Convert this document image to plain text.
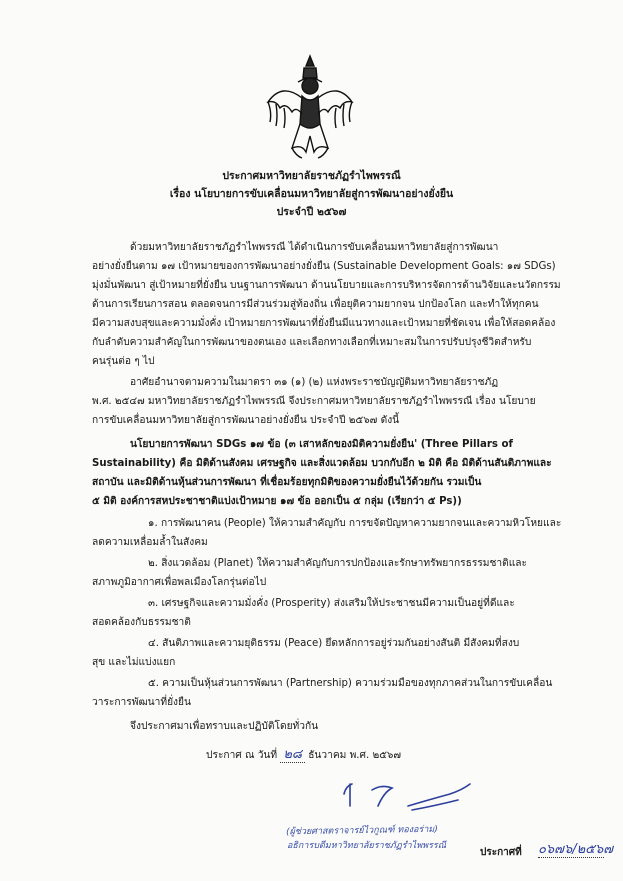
ประกาศมหาวิทยาลัยราชภัฏรำไพพรรณี
เรื่อง นโยบายการขับเคลื่อนมหาวิทยาลัยสู่การพัฒนาอย่างยั่งยืน
ประจำปี ๒๕๖๗
ด้วยมหาวิทยาลัยราชภัฏรำไพพรรณี ได้ดำเนินการขับเคลื่อนมหาวิทยาลัยสู่การพัฒนา
อย่างยั่งยืนตาม ๑๗ เป้าหมายของการพัฒนาอย่างยั่งยืน (Sustainable Development Goals: ๑๗ SDGs)
มุ่งมั่นพัฒนา สู่เป้าหมายที่ยั่งยืน บนฐานการพัฒนา ด้านนโยบายและการบริหารจัดการด้านวิจัยและนวัตกรรม
ด้านการเรียนการสอน ตลอดจนการมีส่วนร่วมสู่ท้องถิ่น เพื่อยุติความยากจน ปกป้องโลก และทำให้ทุกคน
มีความสงบสุขและความมั่งคั่ง เป้าหมายการพัฒนาที่ยั่งยืนมีแนวทางและเป้าหมายที่ชัดเจน เพื่อให้สอดคล้อง
กับลำดับความสำคัญในการพัฒนาของตนเอง และเลือกทางเลือกที่เหมาะสมในการปรับปรุงชีวิตสำหรับ
คนรุ่นต่อ ๆ ไป
อาศัยอำนาจตามความในมาตรา ๓๑ (๑) (๒) แห่งพระราชบัญญัติมหาวิทยาลัยราชภัฏ
พ.ศ. ๒๕๔๗ มหาวิทยาลัยราชภัฏรำไพพรรณี จึงประกาศมหาวิทยาลัยราชภัฏรำไพพรรณี เรื่อง นโยบาย
การขับเคลื่อนมหาวิทยาลัยสู่การพัฒนาอย่างยั่งยืน ประจำปี ๒๕๖๗ ดังนี้
นโยบายการพัฒนา SDGs ๑๗ ข้อ (๓ เสาหลักของมิติความยั่งยืน' (Three Pillars of
Sustainability) คือ มิติด้านสังคม เศรษฐกิจ และสิ่งแวดล้อม บวกกับอีก ๒ มิติ คือ มิติด้านสันติภาพและ
สถาบัน และมิติด้านหุ้นส่วนการพัฒนา ที่เชื่อมร้อยทุกมิติของความยั่งยืนไว้ด้วยกัน รวมเป็น
๕ มิติ องค์การสหประชาชาติแบ่งเป้าหมาย ๑๗ ข้อ ออกเป็น ๕ กลุ่ม (เรียกว่า ๕ Ps))
๑. การพัฒนาคน (People) ให้ความสำคัญกับ การขจัดปัญหาความยากจนและความหิวโหยและ
ลดความเหลื่อมล้ำในสังคม
๒. สิ่งแวดล้อม (Planet) ให้ความสำคัญกับการปกป้องและรักษาทรัพยากรธรรมชาติและ
สภาพภูมิอากาศเพื่อพลเมืองโลกรุ่นต่อไป
๓. เศรษฐกิจและความมั่งคั่ง (Prosperity) ส่งเสริมให้ประชาชนมีความเป็นอยู่ที่ดีและ
สอดคล้องกับธรรมชาติ
๔. สันติภาพและความยุติธรรม (Peace) ยึดหลักการอยู่ร่วมกันอย่างสันติ มีสังคมที่สงบ
สุข และไม่แบ่งแยก
๕. ความเป็นหุ้นส่วนการพัฒนา (Partnership) ความร่วมมือของทุกภาคส่วนในการขับเคลื่อน
วาระการพัฒนาที่ยั่งยืน
จึงประกาศมาเพื่อทราบและปฏิบัติโดยทั่วกัน
ประกาศ ณ วันที่ ๒๘ ธันวาคม พ.ศ. ๒๕๖๗
(ผู้ช่วยศาสตราจารย์ไวกูณฑ์ ทองอร่าม)
อธิการบดีมหาวิทยาลัยราชภัฏรำไพพรรณี
ประกาศที่ ๐๖๗๖/๒๕๖๗
